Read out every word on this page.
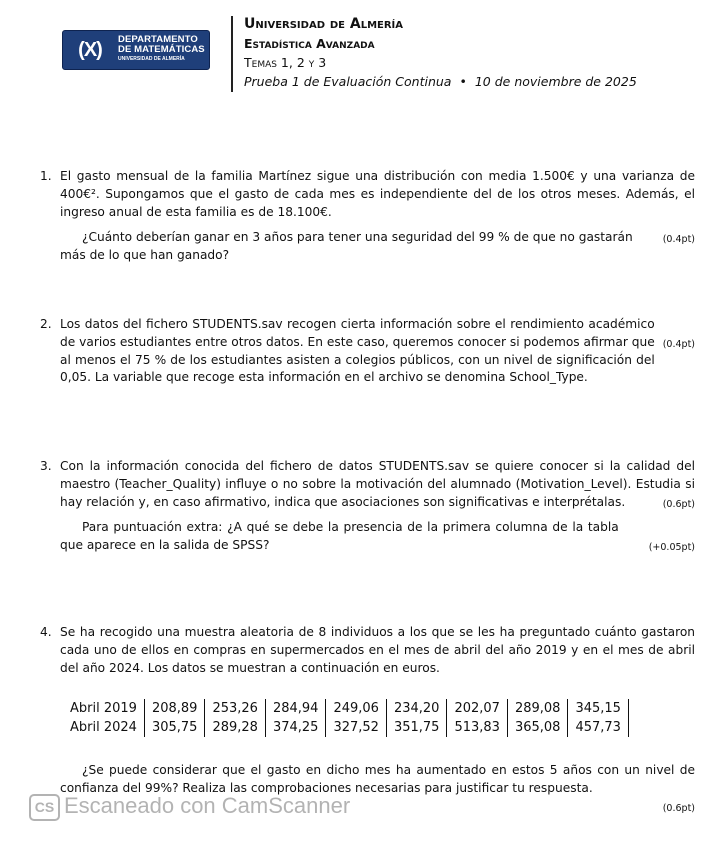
(X)	DEPARTAMENTO
DE MATEMÁTICAS
UNIVERSIDAD DE ALMERÍA
Universidad de Almería
Estadística Avanzada
Temas 1, 2 y 3
Prueba 1 de Evaluación Continua • 10 de noviembre de 2025
1. El gasto mensual de la familia Martínez sigue una distribución con media 1.500€ y una varianza de 400€². Supongamos que el gasto de cada mes es independiente del de los otros meses. Además, el ingreso anual de esta familia es de 18.100€.
(0.4pt)
¿Cuánto deberían ganar en 3 años para tener una seguridad del 99 % de que no gastarán más de lo que han ganado?
2.
(0.4pt)
Los datos del fichero STUDENTS.sav recogen cierta información sobre el rendimiento académico de varios estudiantes entre otros datos. En este caso, queremos conocer si podemos afirmar que al menos el 75 % de los estudiantes asisten a colegios públicos, con un nivel de significación del 0,05. La variable que recoge esta información en el archivo se denomina School_Type.
3. Con la información conocida del fichero de datos STUDENTS.sav se quiere conocer si la calidad del maestro (Teacher_Quality) influye o no sobre la motivación del alumnado (Motivation_Level). Estudia si hay relación y, en caso afirmativo, indica que asociaciones son significativas e interprétalas.	(0.6pt)
(+0.05pt)
Para puntuación extra: ¿A qué se debe la presencia de la primera columna de la tabla que aparece en la salida de SPSS?
4. Se ha recogido una muestra aleatoria de 8 individuos a los que se les ha preguntado cuánto gastaron cada uno de ellos en compras en supermercados en el mes de abril del año 2019 y en el mes de abril del año 2024. Los datos se muestran a continuación en euros.
Abril 2019	208,89	253,26	284,94	249,06	234,20	202,07	289,08	345,15
Abril 2024	305,75	289,28	374,25	327,52	351,75	513,83	365,08	457,73
¿Se puede considerar que el gasto en dicho mes ha aumentado en estos 5 años con un nivel de confianza del 99%? Realiza las comprobaciones necesarias para justificar tu respuesta.
(0.6pt)
CS Escaneado con CamScanner
